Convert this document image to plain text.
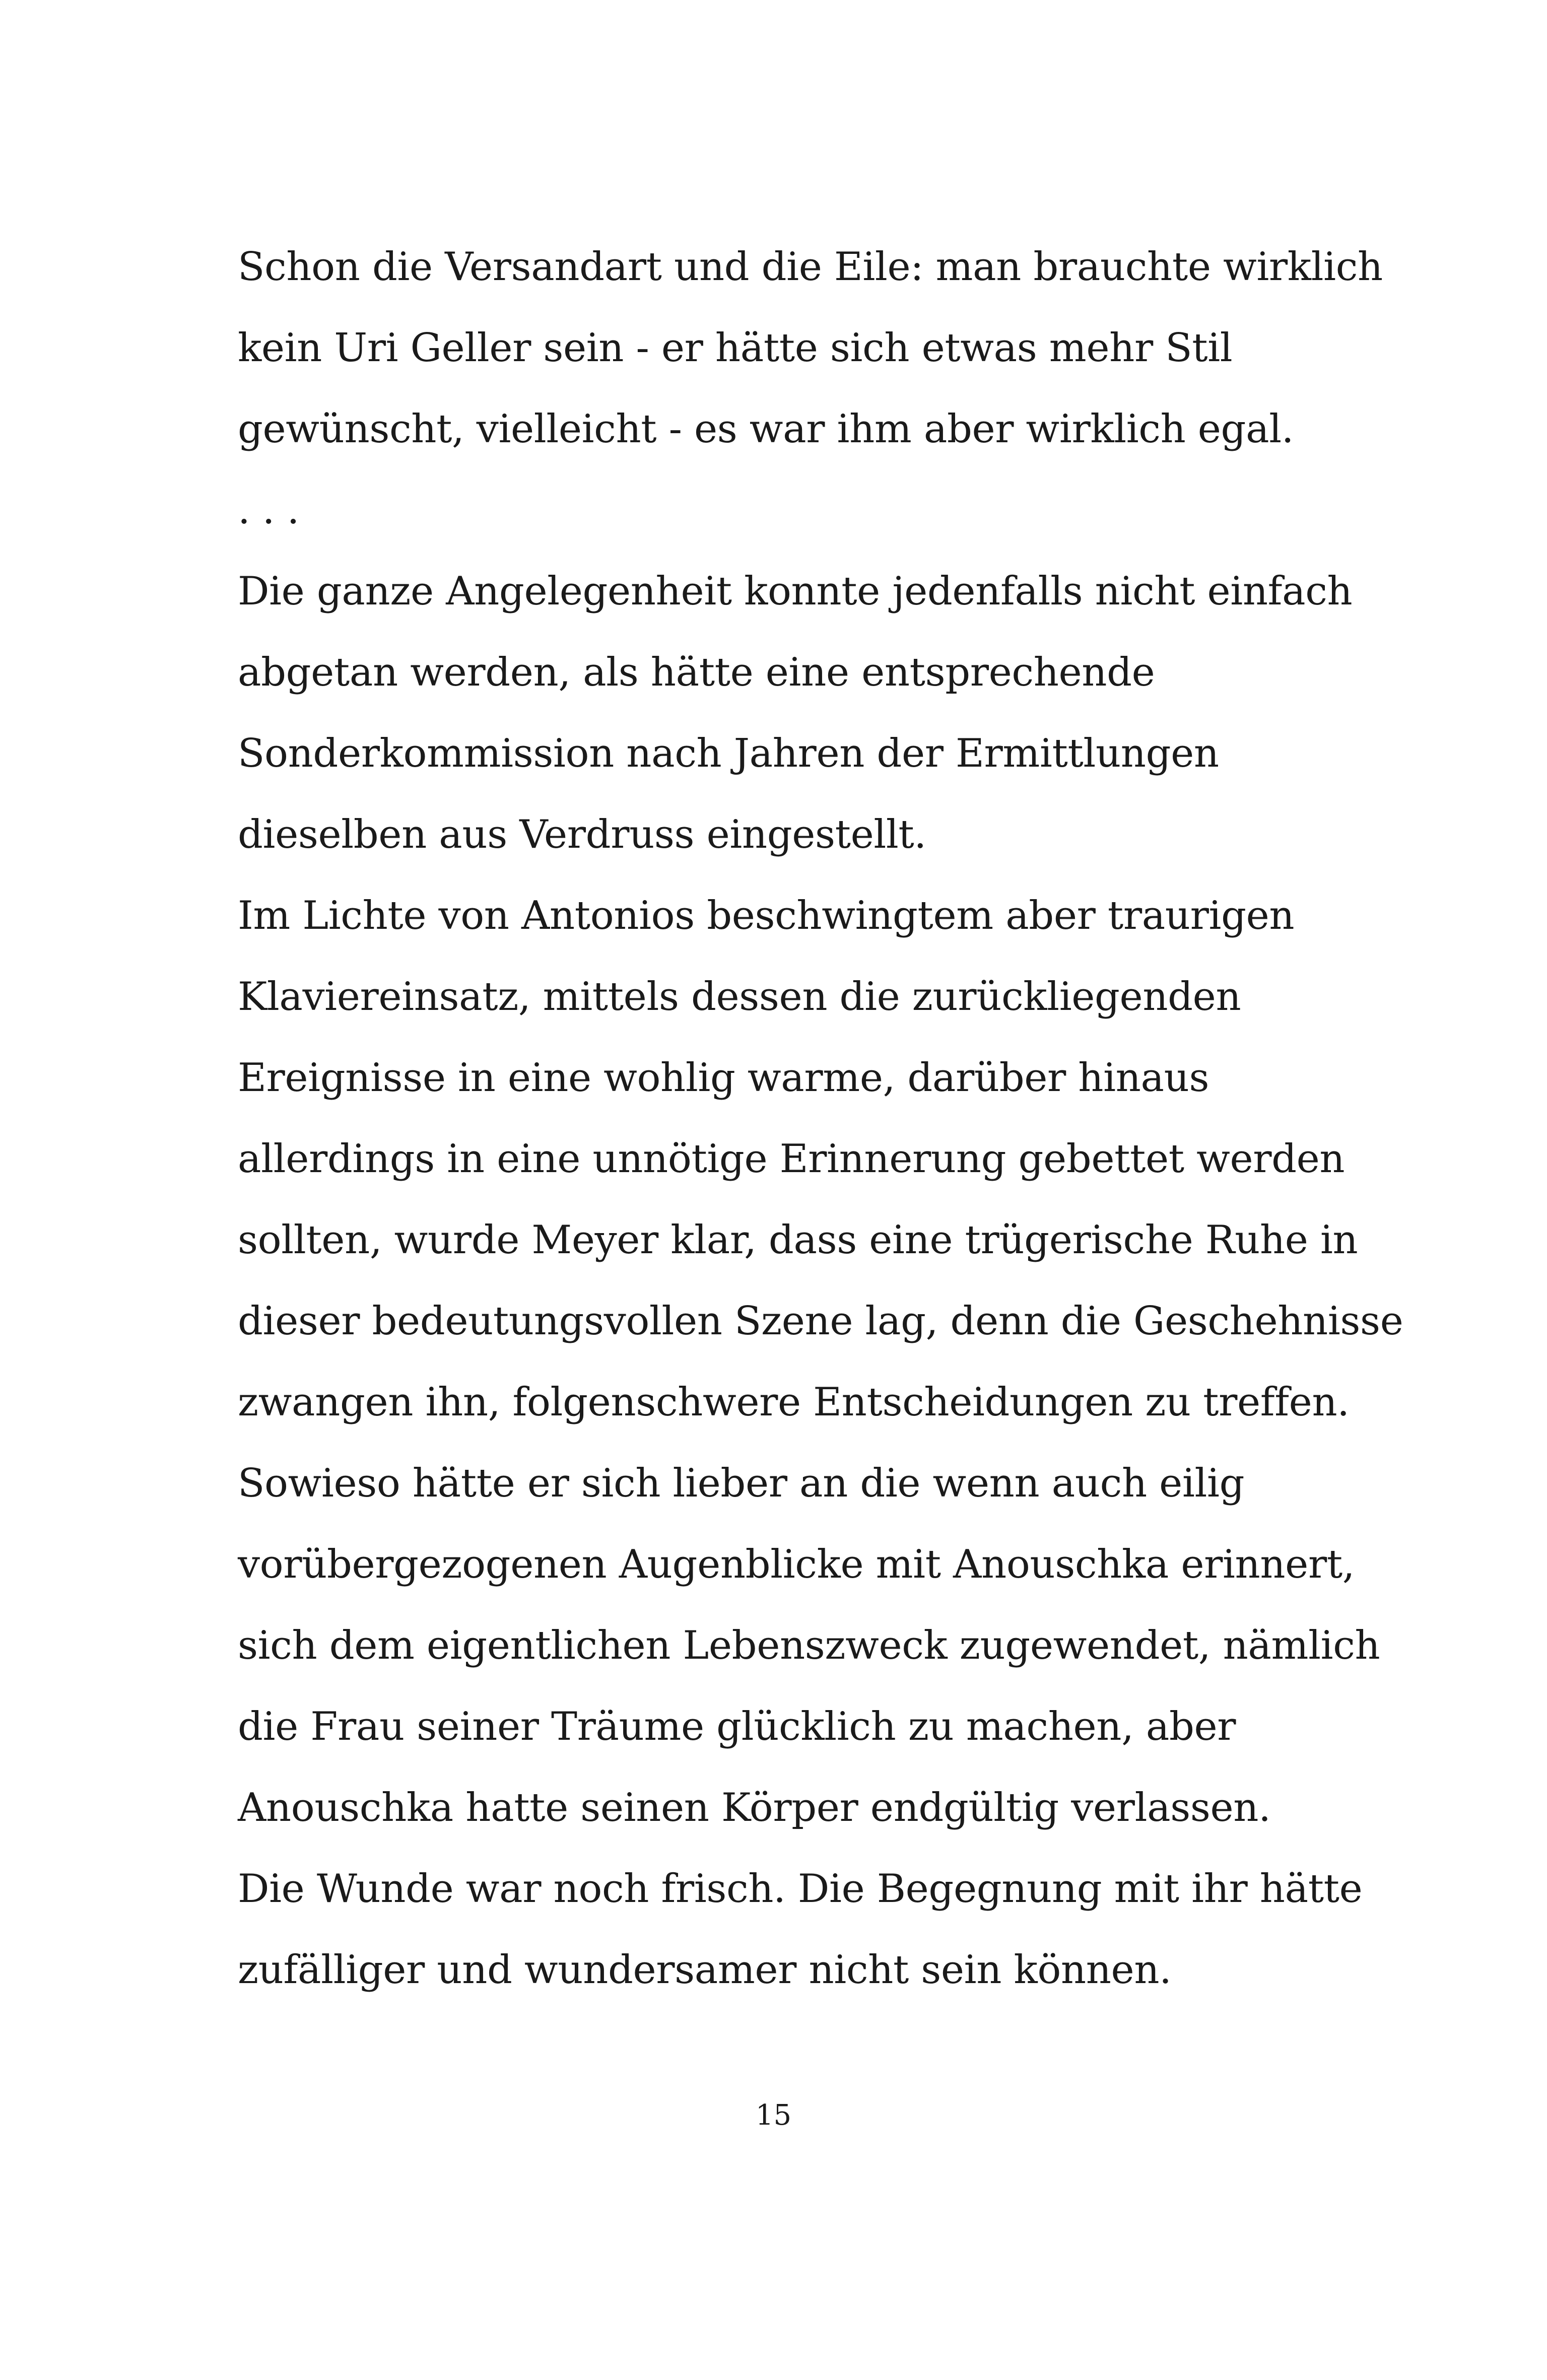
Schon die Versandart und die Eile: man brauchte wirklich
kein Uri Geller sein - er hätte sich etwas mehr Stil
gewünscht, vielleicht - es war ihm aber wirklich egal.
. . .
Die ganze Angelegenheit konnte jedenfalls nicht einfach
abgetan werden, als hätte eine entsprechende
Sonderkommission nach Jahren der Ermittlungen
dieselben aus Verdruss eingestellt.
Im Lichte von Antonios beschwingtem aber traurigen
Klaviereinsatz, mittels dessen die zurückliegenden
Ereignisse in eine wohlig warme, darüber hinaus
allerdings in eine unnötige Erinnerung gebettet werden
sollten, wurde Meyer klar, dass eine trügerische Ruhe in
dieser bedeutungsvollen Szene lag, denn die Geschehnisse
zwangen ihn, folgenschwere Entscheidungen zu treffen.
Sowieso hätte er sich lieber an die wenn auch eilig
vorübergezogenen Augenblicke mit Anouschka erinnert,
sich dem eigentlichen Lebenszweck zugewendet, nämlich
die Frau seiner Träume glücklich zu machen, aber
Anouschka hatte seinen Körper endgültig verlassen.
Die Wunde war noch frisch. Die Begegnung mit ihr hätte
zufälliger und wundersamer nicht sein können.
15
